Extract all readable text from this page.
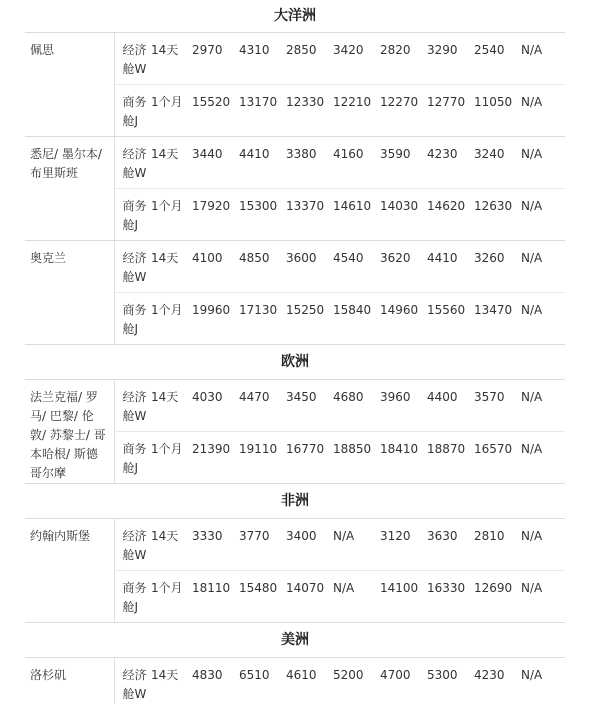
大洋洲										
佩思	经济舱W	14天	2970	4310	2850	3420	2820	3290	2540	N/A
	商务舱J	1个月	15520	13170	12330	12210	12270	12770	11050	N/A
悉尼/ 墨尔本/ 布里斯班	经济舱W	14天	3440	4410	3380	4160	3590	4230	3240	N/A
	商务舱J	1个月	17920	15300	13370	14610	14030	14620	12630	N/A
奥克兰	经济舱W	14天	4100	4850	3600	4540	3620	4410	3260	N/A
	商务舱J	1个月	19960	17130	15250	15840	14960	15560	13470	N/A
欧洲										
法兰克福/ 罗马/ 巴黎/ 伦敦/ 苏黎士/ 哥本哈根/ 斯德哥尔摩	经济舱W	14天	4030	4470	3450	4680	3960	4400	3570	N/A
	商务舱J	1个月	21390	19110	16770	18850	18410	18870	16570	N/A
非洲										
约翰内斯堡	经济舱W	14天	3330	3770	3400	N/A	3120	3630	2810	N/A
	商务舱J	1个月	18110	15480	14070	N/A	14100	16330	12690	N/A
美洲										
洛杉矶	经济舱W	14天	4830	6510	4610	5200	4700	5300	4230	N/A
